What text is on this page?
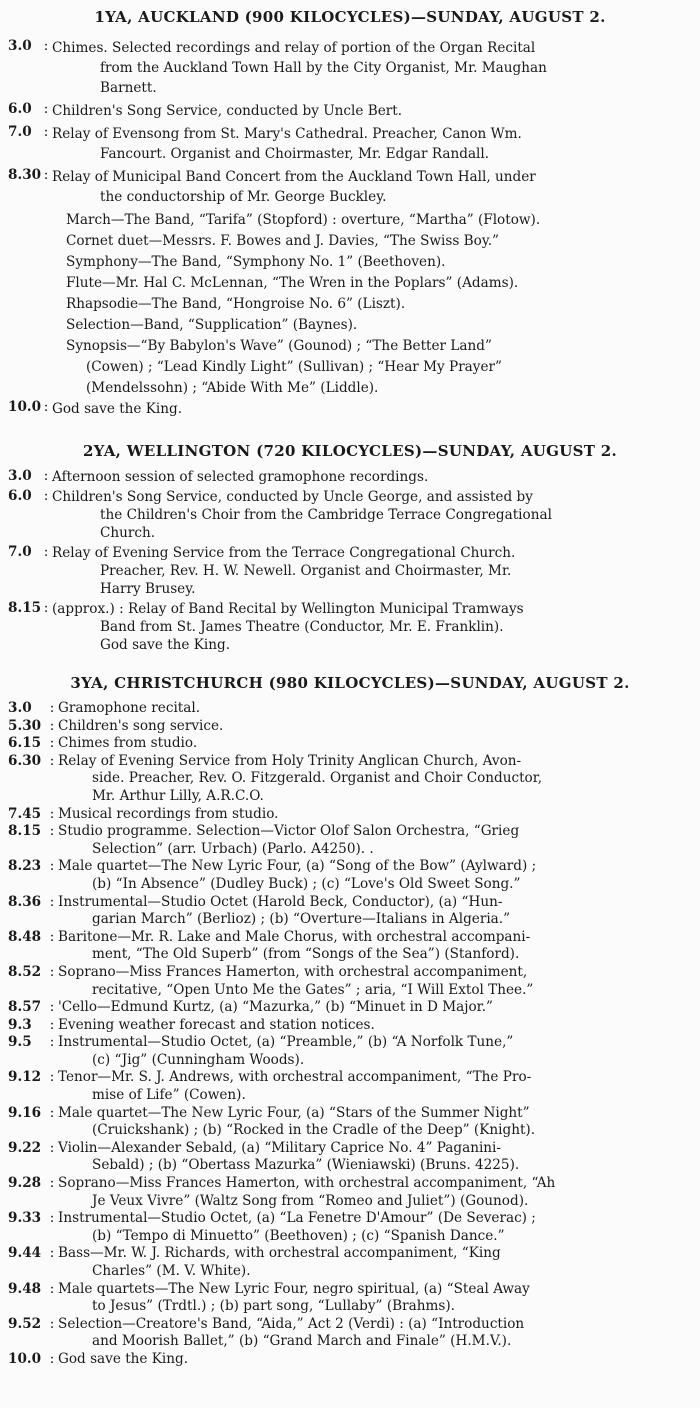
1YA, AUCKLAND (900 KILOCYCLES)—SUNDAY, AUGUST 2.
3.0 : Chimes. Selected recordings and relay of portion of the Organ Recital
from the Auckland Town Hall by the City Organist, Mr. Maughan
Barnett.
6.0 : Children's Song Service, conducted by Uncle Bert.
7.0 : Relay of Evensong from St. Mary's Cathedral. Preacher, Canon Wm.
Fancourt. Organist and Choirmaster, Mr. Edgar Randall.
8.30 : Relay of Municipal Band Concert from the Auckland Town Hall, under
the conductorship of Mr. George Buckley.
March—The Band, “Tarifa” (Stopford) : overture, “Martha” (Flotow).
Cornet duet—Messrs. F. Bowes and J. Davies, “The Swiss Boy.”
Symphony—The Band, “Symphony No. 1” (Beethoven).
Flute—Mr. Hal C. McLennan, “The Wren in the Poplars” (Adams).
Rhapsodie—The Band, “Hongroise No. 6” (Liszt).
Selection—Band, “Supplication” (Baynes).
Synopsis—“By Babylon's Wave” (Gounod) ; “The Better Land”
(Cowen) ; “Lead Kindly Light” (Sullivan) ; “Hear My Prayer”
(Mendelssohn) ; “Abide With Me” (Liddle).
10.0 : God save the King.
2YA, WELLINGTON (720 KILOCYCLES)—SUNDAY, AUGUST 2.
3.0 : Afternoon session of selected gramophone recordings.
6.0 : Children's Song Service, conducted by Uncle George, and assisted by
the Children's Choir from the Cambridge Terrace Congregational
Church.
7.0 : Relay of Evening Service from the Terrace Congregational Church.
Preacher, Rev. H. W. Newell. Organist and Choirmaster, Mr.
Harry Brusey.
8.15 : (approx.) : Relay of Band Recital by Wellington Municipal Tramways
Band from St. James Theatre (Conductor, Mr. E. Franklin).
God save the King.
3YA, CHRISTCHURCH (980 KILOCYCLES)—SUNDAY, AUGUST 2.
3.0	: Gramophone recital.
5.30 : Children's song service.
6.15 : Chimes from studio.
6.30 : Relay of Evening Service from Holy Trinity Anglican Church, Avon-
side. Preacher, Rev. O. Fitzgerald. Organist and Choir Conductor,
Mr. Arthur Lilly, A.R.C.O.
7.45 : Musical recordings from studio.
8.15 : Studio programme. Selection—Victor Olof Salon Orchestra, “Grieg
Selection” (arr. Urbach) (Parlo. A4250). .
8.23 : Male quartet—The New Lyric Four, (a) “Song of the Bow” (Aylward) ;
(b) “In Absence” (Dudley Buck) ; (c) “Love's Old Sweet Song.”
8.36 : Instrumental—Studio Octet (Harold Beck, Conductor), (a) “Hun-
garian March” (Berlioz) ; (b) “Overture—Italians in Algeria.”
8.48 : Baritone—Mr. R. Lake and Male Chorus, with orchestral accompani-
ment, “The Old Superb” (from “Songs of the Sea”) (Stanford).
8.52 : Soprano—Miss Frances Hamerton, with orchestral accompaniment,
recitative, “Open Unto Me the Gates” ; aria, “I Will Extol Thee.”
8.57 : 'Cello—Edmund Kurtz, (a) “Mazurka,” (b) “Minuet in D Major.”
9.3	: Evening weather forecast and station notices.
9.5	: Instrumental—Studio Octet, (a) “Preamble,” (b) “A Norfolk Tune,”
(c) “Jig” (Cunningham Woods).
9.12 : Tenor—Mr. S. J. Andrews, with orchestral accompaniment, “The Pro-
mise of Life” (Cowen).
9.16 : Male quartet—The New Lyric Four, (a) “Stars of the Summer Night”
(Cruickshank) ; (b) “Rocked in the Cradle of the Deep” (Knight).
9.22 : Violin—Alexander Sebald, (a) “Military Caprice No. 4” Paganini-
Sebald) ; (b) “Obertass Mazurka” (Wieniawski) (Bruns. 4225).
9.28 : Soprano—Miss Frances Hamerton, with orchestral accompaniment, “Ah
Je Veux Vivre” (Waltz Song from “Romeo and Juliet”) (Gounod).
9.33 : Instrumental—Studio Octet, (a) “La Fenetre D'Amour” (De Severac) ;
(b) “Tempo di Minuetto” (Beethoven) ; (c) “Spanish Dance.”
9.44 : Bass—Mr. W. J. Richards, with orchestral accompaniment, “King
Charles” (M. V. White).
9.48 : Male quartets—The New Lyric Four, negro spiritual, (a) “Steal Away
to Jesus” (Trdtl.) ; (b) part song, “Lullaby” (Brahms).
9.52 : Selection—Creatore's Band, “Aida,” Act 2 (Verdi) : (a) “Introduction
and Moorish Ballet,” (b) “Grand March and Finale” (H.M.V.).
10.0 : God save the King.
